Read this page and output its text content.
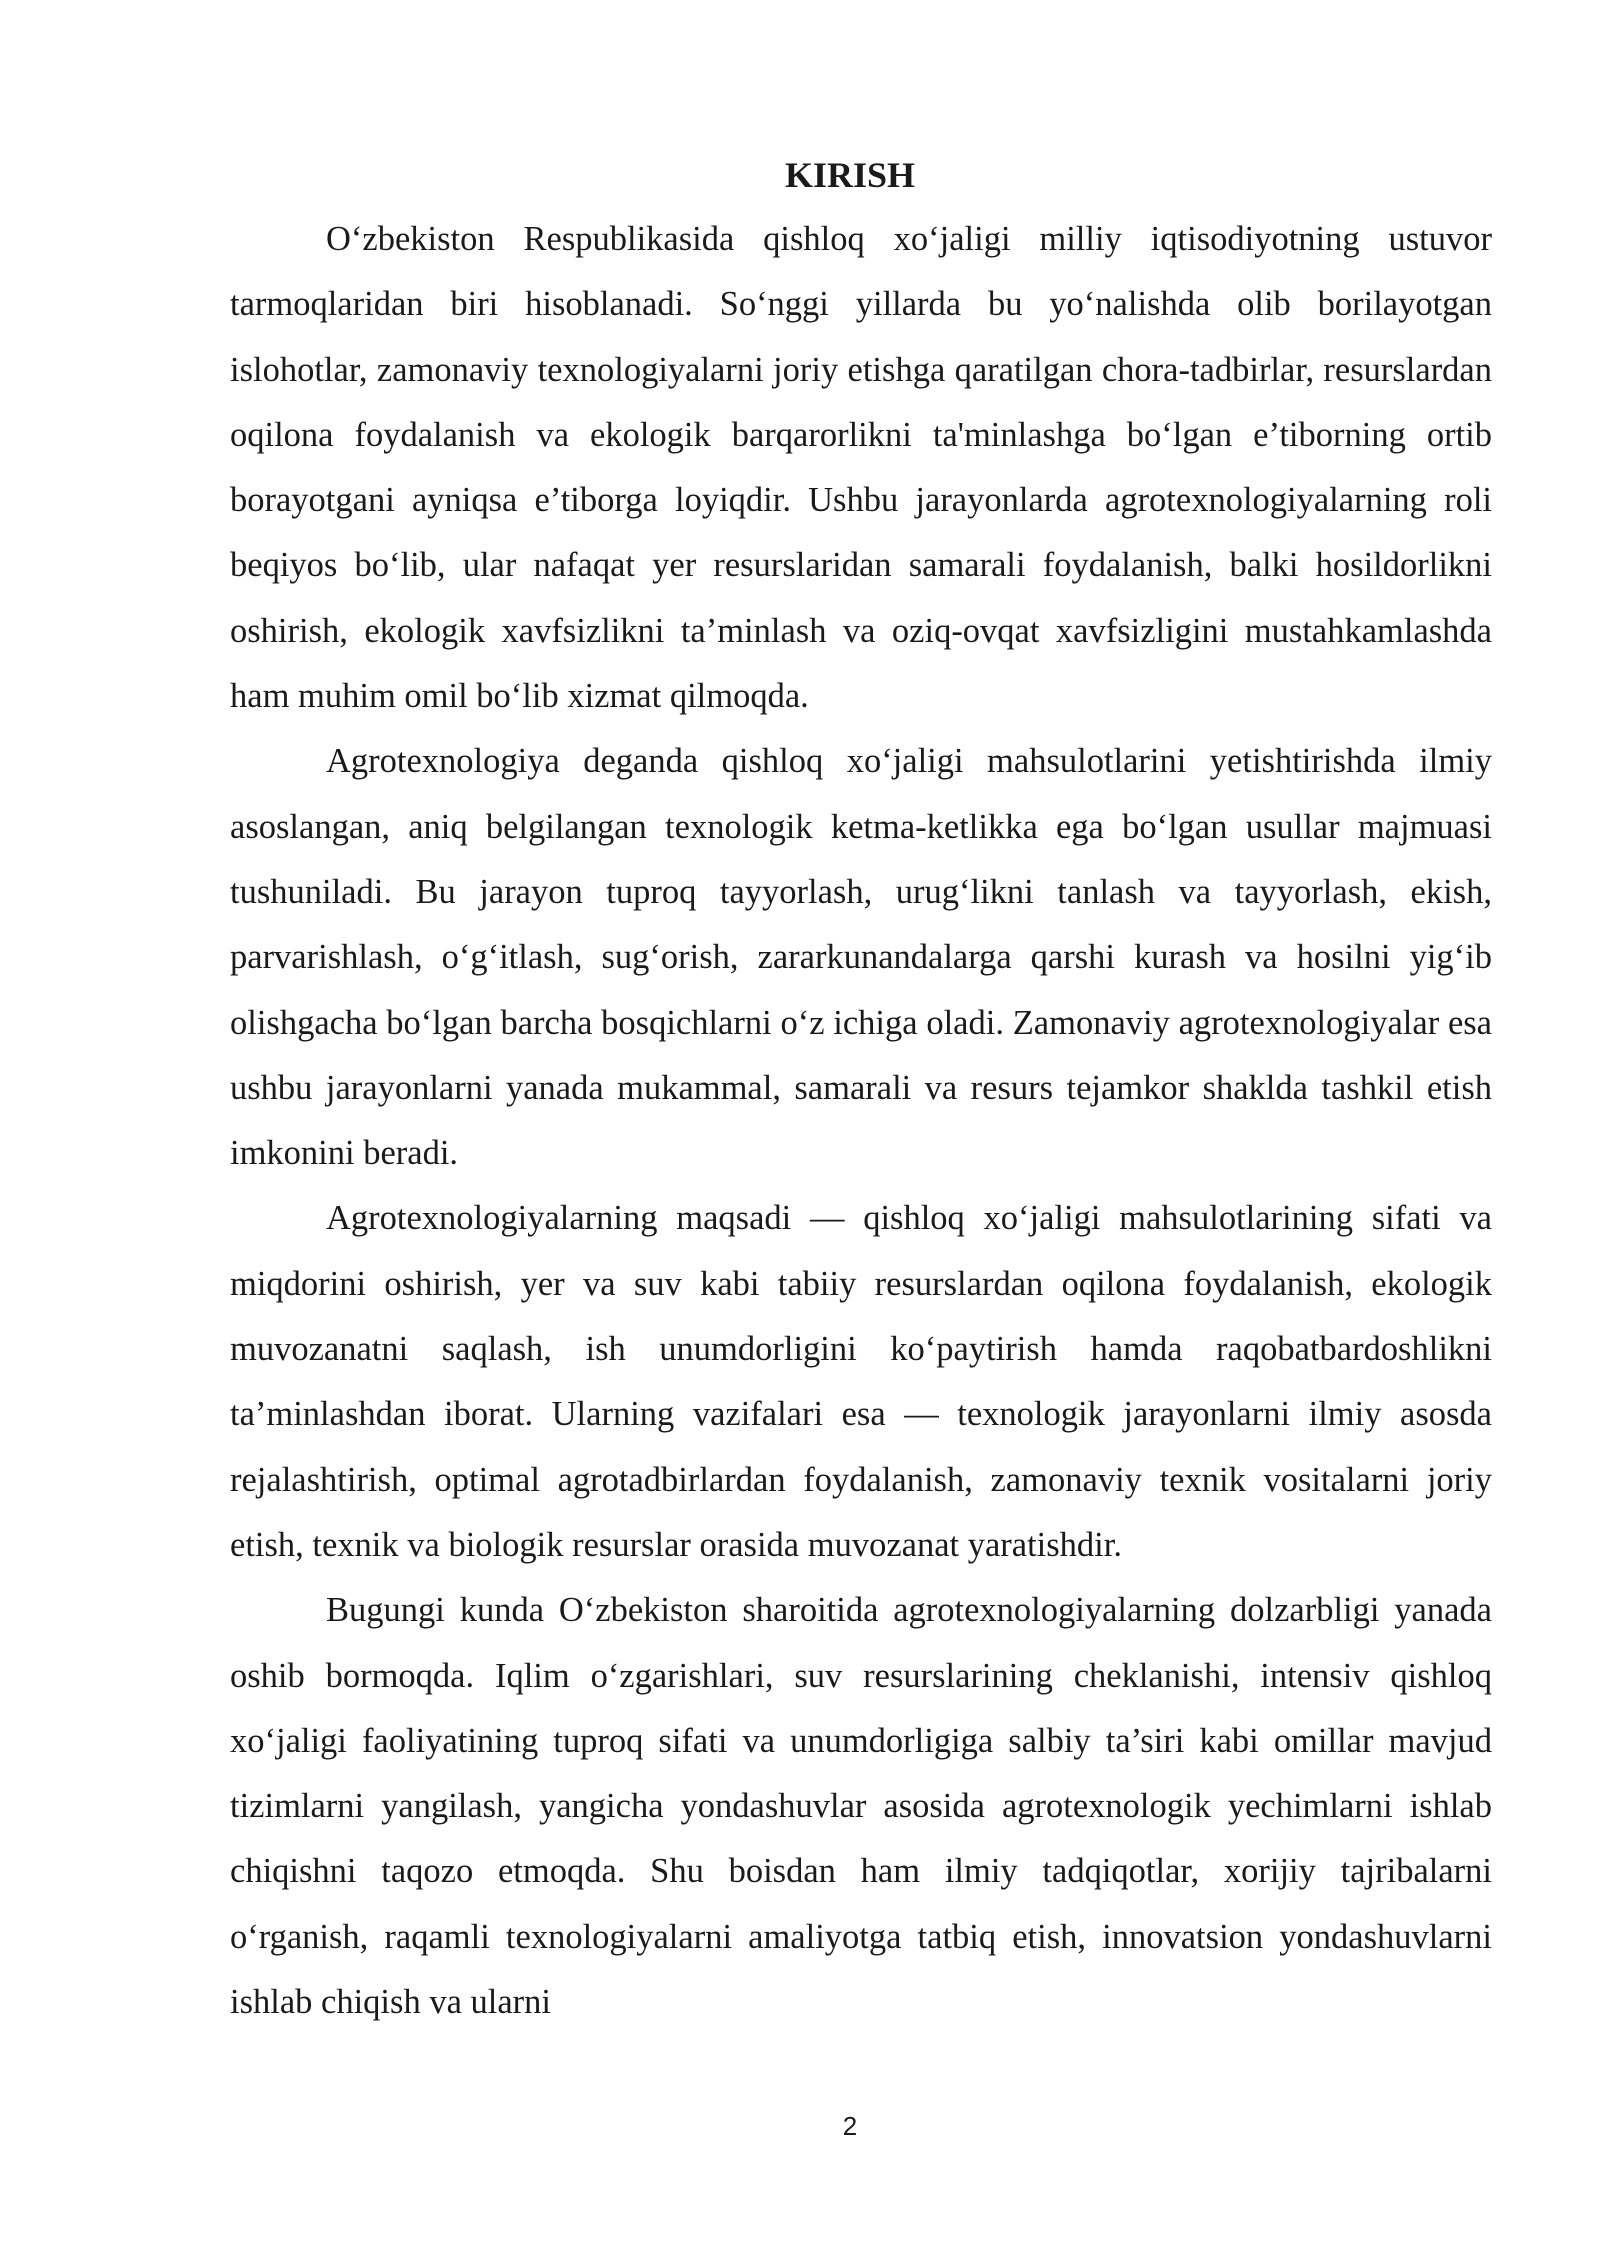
KIRISH

O‘zbekiston Respublikasida qishloq xo‘jaligi milliy iqtisodiyotning ustuvor tarmoqlaridan biri hisoblanadi. So‘nggi yillarda bu yo‘nalishda olib borilayotgan islohotlar, zamonaviy texnologiyalarni joriy etishga qaratilgan chora-tadbirlar, resurslardan oqilona foydalanish va ekologik barqarorlikni ta'minlashga bo‘lgan e’tiborning ortib borayotgani ayniqsa e’tiborga loyiqdir. Ushbu jarayonlarda agrotexnologiyalarning roli beqiyos bo‘lib, ular nafaqat yer resurslaridan samarali foydalanish, balki hosildorlikni oshirish, ekologik xavfsizlikni ta’minlash va oziq-ovqat xavfsizligini mustahkamlashda ham muhim omil bo‘lib xizmat qilmoqda.

Agrotexnologiya deganda qishloq xo‘jaligi mahsulotlarini yetishtirishda ilmiy asoslangan, aniq belgilangan texnologik ketma-ketlikka ega bo‘lgan usullar majmuasi tushuniladi. Bu jarayon tuproq tayyorlash, urug‘likni tanlash va tayyorlash, ekish, parvarishlash, o‘g‘itlash, sug‘orish, zararkunandalarga qarshi kurash va hosilni yig‘ib olishgacha bo‘lgan barcha bosqichlarni o‘z ichiga oladi. Zamonaviy agrotexnologiyalar esa ushbu jarayonlarni yanada mukammal, samarali va resurs tejamkor shaklda tashkil etish imkonini beradi.

Agrotexnologiyalarning maqsadi — qishloq xo‘jaligi mahsulotlarining sifati va miqdorini oshirish, yer va suv kabi tabiiy resurslardan oqilona foydalanish, ekologik muvozanatni saqlash, ish unumdorligini ko‘paytirish hamda raqobatbardoshlikni ta’minlashdan iborat. Ularning vazifalari esa — texnologik jarayonlarni ilmiy asosda rejalashtirish, optimal agrotadbirlardan foydalanish, zamonaviy texnik vositalarni joriy etish, texnik va biologik resurslar orasida muvozanat yaratishdir.

Bugungi kunda O‘zbekiston sharoitida agrotexnologiyalarning dolzarbligi yanada oshib bormoqda. Iqlim o‘zgarishlari, suv resurslarining cheklanishi, intensiv qishloq xo‘jaligi faoliyatining tuproq sifati va unumdorligiga salbiy ta’siri kabi omillar mavjud tizimlarni yangilash, yangicha yondashuvlar asosida agrotexnologik yechimlarni ishlab chiqishni taqozo etmoqda. Shu boisdan ham ilmiy tadqiqotlar, xorijiy tajribalarni o‘rganish, raqamli texnologiyalarni amaliyotga tatbiq etish, innovatsion yondashuvlarni ishlab chiqish va ularni

2
